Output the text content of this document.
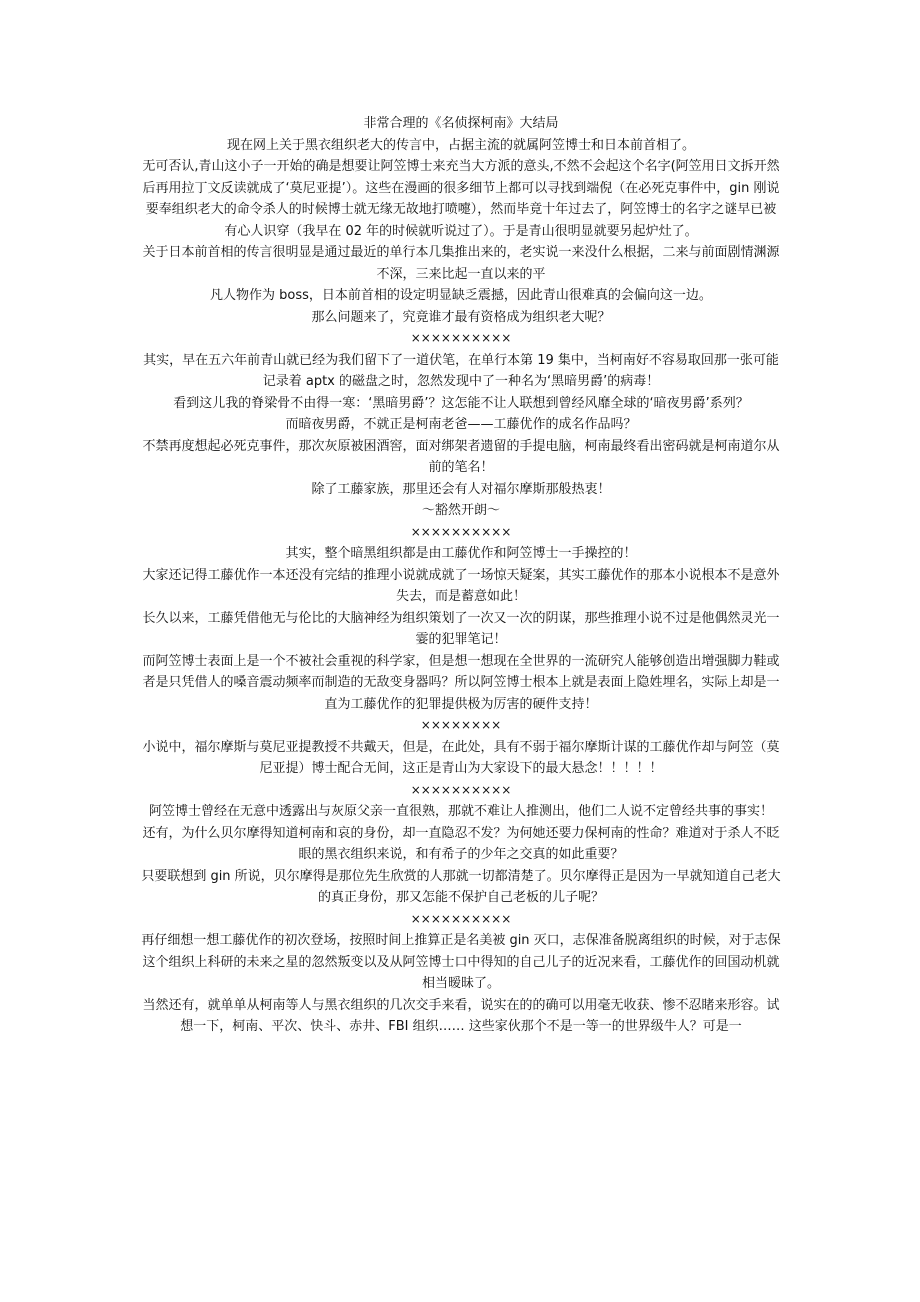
非常合理的《名侦探柯南》大结局

现在网上关于黑衣组织老大的传言中，占据主流的就属阿笠博士和日本前首相了。

无可否认,青山这小子一开始的确是想要让阿笠博士来充当大方派的意头,不然不会起这个名字(阿笠用日文拆开然后再用拉丁文反读就成了‘莫尼亚提’）。这些在漫画的很多细节上都可以寻找到端倪（在必死克事件中，gin 刚说要奉组织老大的命令杀人的时候博士就无缘无故地打喷嚏），然而毕竟十年过去了，阿笠博士的名字之谜早已被有心人识穿（我早在 02 年的时候就听说过了）。于是青山很明显就要另起炉灶了。

关于日本前首相的传言很明显是通过最近的单行本几集推出来的，老实说一来没什么根据，二来与前面剧情渊源不深，三来比起一直以来的平

凡人物作为 boss，日本前首相的设定明显缺乏震撼，因此青山很难真的会偏向这一边。

那么问题来了，究竟谁才最有资格成为组织老大呢？

××××××××××

其实，早在五六年前青山就已经为我们留下了一道伏笔，在单行本第 19 集中，当柯南好不容易取回那一张可能记录着 aptx 的磁盘之时，忽然发现中了一种名为‘黑暗男爵’的病毒！

看到这儿我的脊梁骨不由得一寒：‘黑暗男爵’？这怎能不让人联想到曾经风靡全球的‘暗夜男爵’系列？

而暗夜男爵，不就正是柯南老爸——工藤优作的成名作品吗？

不禁再度想起必死克事件，那次灰原被困酒窖，面对绑架者遗留的手提电脑，柯南最终看出密码就是柯南道尔从前的笔名！

除了工藤家族，那里还会有人对福尔摩斯那般热衷！

～豁然开朗～

××××××××××

其实，整个暗黑组织都是由工藤优作和阿笠博士一手操控的！

大家还记得工藤优作一本还没有完结的推理小说就成就了一场惊天疑案，其实工藤优作的那本小说根本不是意外失去，而是蓄意如此！

长久以来，工藤凭借他无与伦比的大脑神经为组织策划了一次又一次的阴谋，那些推理小说不过是他偶然灵光一霎的犯罪笔记！

而阿笠博士表面上是一个不被社会重视的科学家，但是想一想现在全世界的一流研究人能够创造出增强脚力鞋或者是只凭借人的嗓音震动频率而制造的无敌变身器吗？所以阿笠博士根本上就是表面上隐姓埋名，实际上却是一直为工藤优作的犯罪提供极为厉害的硬件支持！

××××××××

小说中，福尔摩斯与莫尼亚提教授不共戴天，但是，在此处，具有不弱于福尔摩斯计谋的工藤优作却与阿笠（莫尼亚提）博士配合无间，这正是青山为大家设下的最大悬念！！！！！

××××××××××

阿笠博士曾经在无意中透露出与灰原父亲一直很熟，那就不难让人推测出，他们二人说不定曾经共事的事实！

还有，为什么贝尔摩得知道柯南和哀的身份，却一直隐忍不发？为何她还要力保柯南的性命？难道对于杀人不眨眼的黑衣组织来说，和有希子的少年之交真的如此重要？

只要联想到 gin 所说，贝尔摩得是那位先生欣赏的人那就一切都清楚了。贝尔摩得正是因为一早就知道自己老大的真正身份，那又怎能不保护自己老板的儿子呢？

××××××××××

再仔细想一想工藤优作的初次登场，按照时间上推算正是名美被 gin 灭口，志保准备脱离组织的时候，对于志保这个组织上科研的未来之星的忽然叛变以及从阿笠博士口中得知的自己儿子的近况来看，工藤优作的回国动机就相当暧昧了。

当然还有，就单单从柯南等人与黑衣组织的几次交手来看，说实在的的确可以用毫无收获、惨不忍睹来形容。试想一下，柯南、平次、快斗、赤井、FBI 组织…… 这些家伙那个不是一等一的世界级牛人？可是一
